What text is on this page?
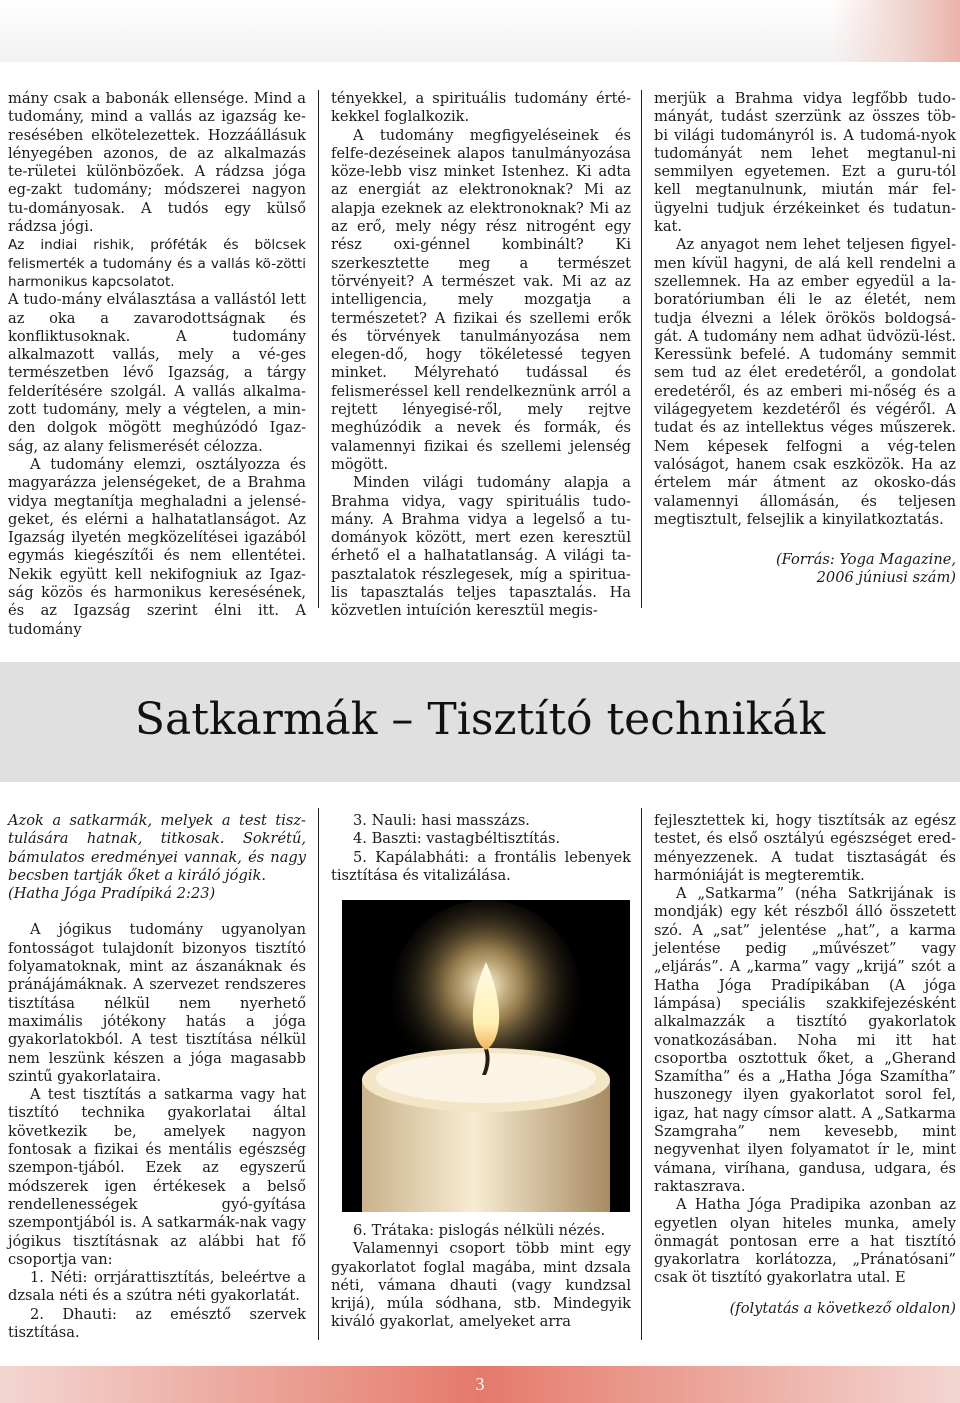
mány csak a babonák ellensége. Mind a tudomány, mind a vallás az igazság ke-resésében elkötelezettek. Hozzáállásuk lényegében azonos, de az alkalmazás te-rületei különbözőek. A rádzsa jóga eg-zakt tudomány; módszerei nagyon tu-dományosak. A tudós egy külső rádzsa jógi.

Az indiai rishik, próféták és bölcsek felismerték a tudomány és a vallás kö-zötti harmonikus kapcsolatot.

A tudo-mány elválasztása a vallástól lett az oka a zavarodottságnak és konfliktusoknak. A tudomány alkalmazott vallás, mely a vé-ges természetben lévő Igazság, a tárgy felderítésére szolgál. A vallás alkalma-zott tudomány, mely a végtelen, a min-den dolgok mögött meghúzódó Igaz-ság, az alany felismerését célozza.

A tudomány elemzi, osztályozza és magyarázza jelenségeket, de a Brahma vidya megtanítja meghaladni a jelensé-geket, és elérni a halhatatlanságot. Az Igazság ilyetén megközelítései igazából egymás kiegészítői és nem ellentétei. Nekik együtt kell nekifogniuk az Igaz-ság közös és harmonikus keresésének, és az Igazság szerint élni itt. A tudomány

tényekkel, a spirituális tudomány érté-kekkel foglalkozik.

A tudomány megfigyeléseinek és felfe-dezéseinek alapos tanulmányozása köze-lebb visz minket Istenhez. Ki adta az energiát az elektronoknak? Mi az alapja ezeknek az elektronoknak? Mi az az erő, mely négy rész nitrogént egy rész oxi-génnel kombinált? Ki szerkesztette meg a természet törvényeit? A természet vak. Mi az az intelligencia, mely mozgatja a természetet? A fizikai és szellemi erők és törvények tanulmányozása nem elegen-dő, hogy tökéletessé tegyen minket. Mélyreható tudással és felismeréssel kell rendelkeznünk arról a rejtett lényegisé-ről, mely rejtve meghúzódik a nevek és formák, és valamennyi fizikai és szellemi jelenség mögött.

Minden világi tudomány alapja a Brahma vidya, vagy spirituális tudo-mány. A Brahma vidya a legelső a tu-dományok között, mert ezen keresztül érhető el a halhatatlanság. A világi ta-pasztalatok részlegesek, míg a spiritua-lis tapasztalás teljes tapasztalás. Ha közvetlen intuíción keresztül megis-

merjük a Brahma vidya legfőbb tudo-mányát, tudást szerzünk az összes töb-bi világi tudományról is. A tudomá-nyok tudományát nem lehet megtanul-ni semmilyen egyetemen. Ezt a guru-tól kell megtanulnunk, miután már fel-ügyelni tudjuk érzékeinket és tudatun-kat.

Az anyagot nem lehet teljesen figyel-men kívül hagyni, de alá kell rendelni a szellemnek. Ha az ember egyedül a la-boratóriumban éli le az életét, nem tudja élvezni a lélek örökös boldogsá-gát. A tudomány nem adhat üdvözü-lést. Keressünk befelé. A tudomány semmit sem tud az élet eredetéről, a gondolat eredetéről, és az emberi mi-nőség és a világegyetem kezdetéről és végéről. A tudat és az intellektus véges műszerek. Nem képesek felfogni a vég-telen valóságot, hanem csak eszközök. Ha az értelem már átment az okosko-dás valamennyi állomásán, és teljesen megtisztult, felsejlik a kinyilatkoztatás.

(Forrás: Yoga Magazine,
2006 júniusi szám)
Satkarmák – Tisztító technikák

Azok a satkarmák, melyek a test tisz-tulására hatnak, titkosak. Sokrétű, bámulatos eredményei vannak, és nagy becsben tartják őket a királó jógik.

(Hatha Jóga Pradípiká 2:23)

A jógikus tudomány ugyanolyan fontosságot tulajdonít bizonyos tisztító folyamatoknak, mint az ászanáknak és pránájámáknak. A szervezet rendszeres tisztítása nélkül nem nyerhető maximális jótékony hatás a jóga gyakorlatokból. A test tisztítása nélkül nem leszünk készen a jóga magasabb szintű gyakorlataira.

A test tisztítás a satkarma vagy hat tisztító technika gyakorlatai által következik be, amelyek nagyon fontosak a fizikai és mentális egészség szempon-tjából. Ezek az egyszerű módszerek igen értékesek a belső rendellenességek gyó-gyítása szempontjából is. A satkarmák-nak vagy jógikus tisztításnak az alábbi hat fő csoportja van:

1. Néti: orrjárattisztítás, beleértve a dzsala néti és a szútra néti gyakorlatát.

2. Dhauti: az emésztő szervek tisztítása.

3. Nauli: hasi masszázs.

4. Baszti: vastagbéltisztítás.

5. Kapálabháti: a frontális lebenyek tisztítása és vitalizálása.

6. Trátaka: pislogás nélküli nézés.

Valamennyi csoport több mint egy gyakorlatot foglal magába, mint dzsala néti, vámana dhauti (vagy kundzsal krijá), múla sódhana, stb. Mindegyik kiváló gyakorlat, amelyeket arra

fejlesztettek ki, hogy tisztítsák az egész testet, és első osztályú egészséget ered-ményezzenek. A tudat tisztaságát és harmóniáját is megteremtik.

A „Satkarma” (néha Satkrijának is mondják) egy két részből álló összetett szó. A „sat” jelentése „hat”, a karma jelentése pedig „művészet” vagy „eljárás”. A „karma” vagy „krijá” szót a Hatha Jóga Pradípikában (A jóga lámpása) speciális szakkifejezésként alkalmazzák a tisztító gyakorlatok vonatkozásában. Noha mi itt hat csoportba osztottuk őket, a „Gherand Szamítha” és a „Hatha Jóga Szamítha” huszonegy ilyen gyakorlatot sorol fel, igaz, hat nagy címsor alatt. A „Satkarma Szamgraha” nem kevesebb, mint negyvenhat ilyen folyamatot ír le, mint vámana, viríhana, gandusa, udgara, és raktaszrava.

A Hatha Jóga Pradipika azonban az egyetlen olyan hiteles munka, amely önmagát pontosan erre a hat tisztító gyakorlatra korlátozza, „Pránatósani” csak öt tisztító gyakorlatra utal. E

(folytatás a következő oldalon)
3
